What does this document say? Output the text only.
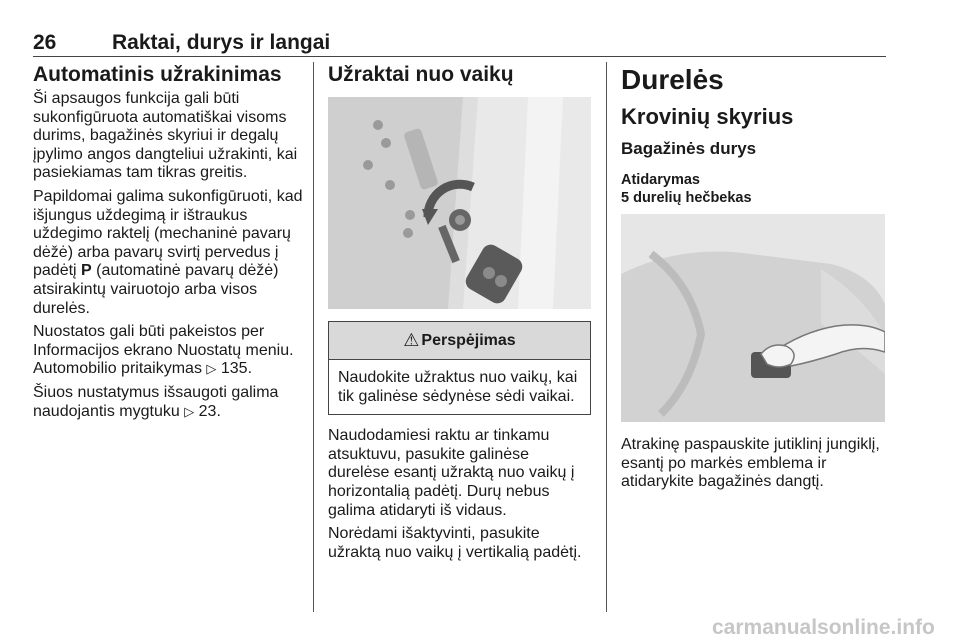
26	Raktai, durys ir langai
Automatinis užrakinimas

Ši apsaugos funkcija gali būti sukonfigūruota automatiškai visoms durims, bagažinės skyriui ir degalų įpylimo angos dangteliui užrakinti, kai pasiekiamas tam tikras greitis.

Papildomai galima sukonfigūruoti, kad išjungus uždegimą ir ištraukus uždegimo raktelį (mechaninė pavarų dėžė) arba pavarų svirtį pervedus į padėtį P (automatinė pavarų dėžė) atsirakintų vairuotojo arba visos durelės.

Nuostatos gali būti pakeistos per Informacijos ekrano Nuostatų meniu. Automobilio pritaikymas ▷ 135.

Šiuos nustatymus išsaugoti galima naudojantis mygtuku ▷ 23.

Užraktai nuo vaikų
⚠ Perspėjimas
Naudokite užraktus nuo vaikų, kai tik galinėse sėdynėse sėdi vaikai.

Naudodamiesi raktu ar tinkamu atsuktuvu, pasukite galinėse durelėse esantį užraktą nuo vaikų į horizontalią padėtį. Durų nebus galima atidaryti iš vidaus.

Norėdami išaktyvinti, pasukite užraktą nuo vaikų į vertikalią padėtį.

Durelės
Krovinių skyrius
Bagažinės durys
Atidarymas
5 durelių hečbekas

Atrakinę paspauskite jutiklinį jungiklį, esantį po markės emblema ir atidarykite bagažinės dangtį.

carmanualsonline.info
